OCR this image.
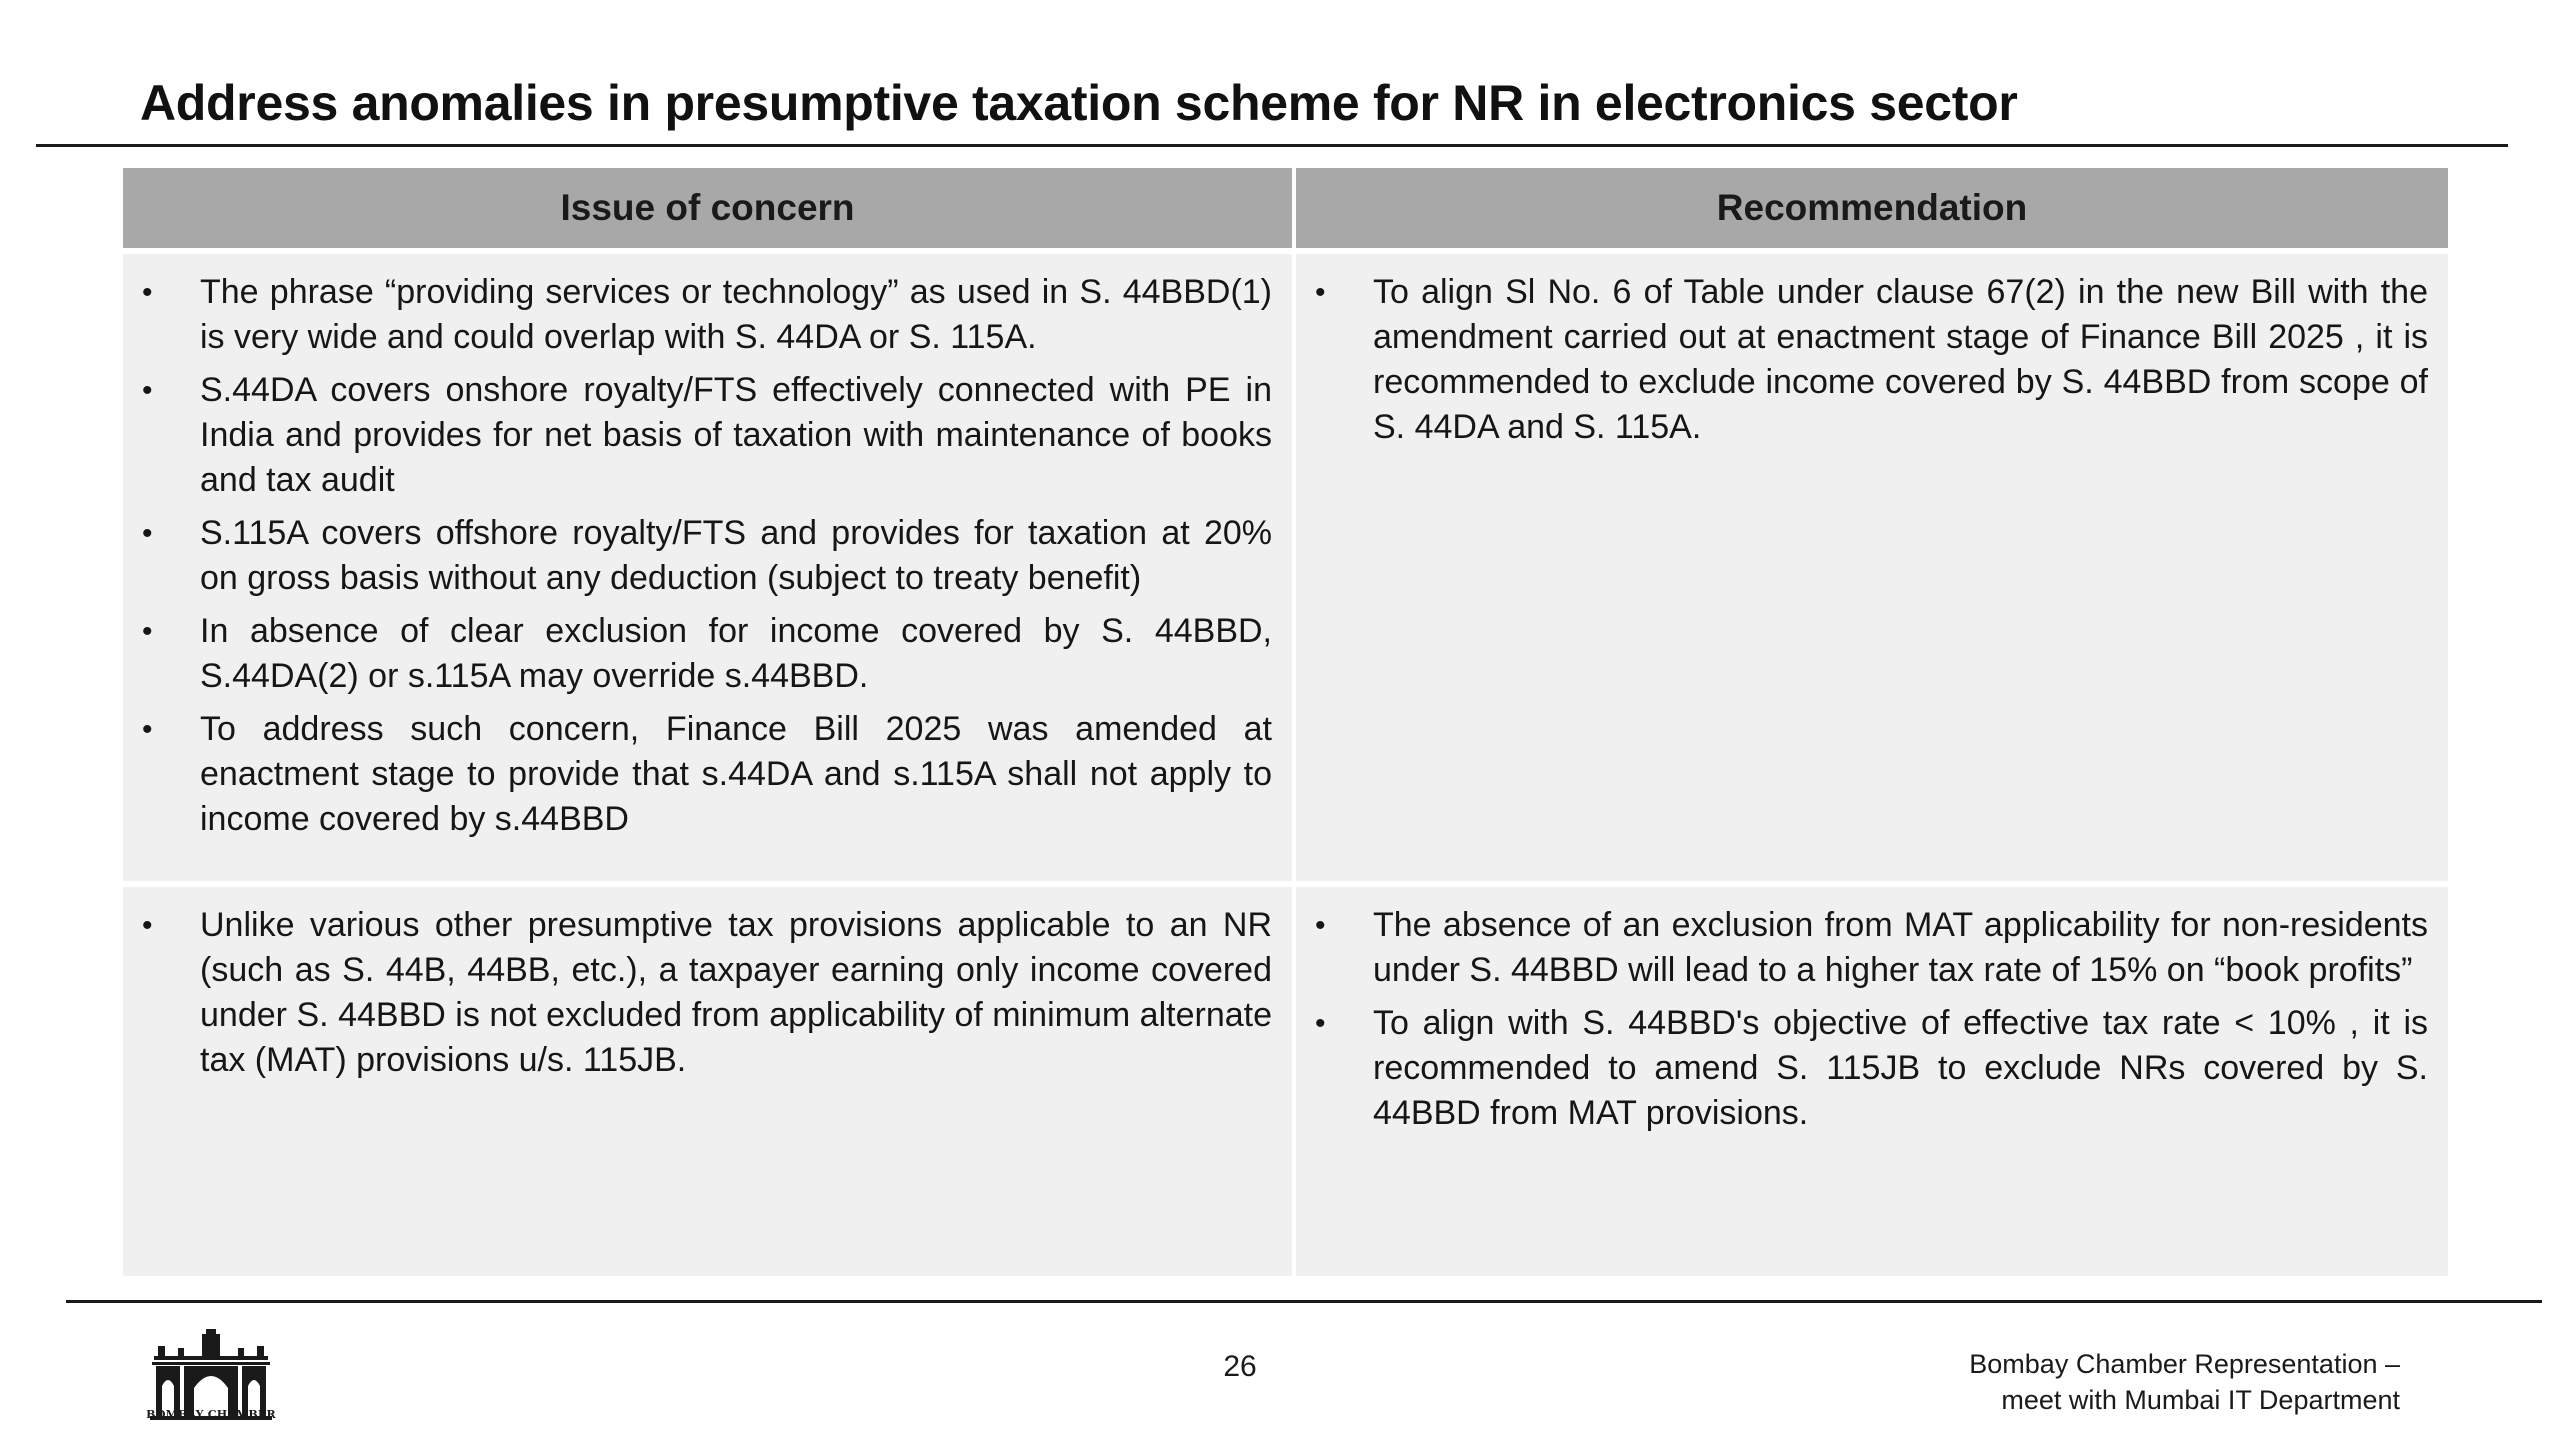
Address anomalies in presumptive taxation scheme for NR in electronics sector
Issue of concern	Recommendation
• The phrase “providing services or technology” as used in S. 44BBD(1) is very wide and could overlap with S. 44DA or S. 115A.
• S.44DA covers onshore royalty/FTS effectively connected with PE in India and provides for net basis of taxation with maintenance of books and tax audit
• S.115A covers offshore royalty/FTS and provides for taxation at 20% on gross basis without any deduction (subject to treaty benefit)
• In absence of clear exclusion for income covered by S. 44BBD, S.44DA(2) or s.115A may override s.44BBD.
• To address such concern, Finance Bill 2025 was amended at enactment stage to provide that s.44DA and s.115A shall not apply to income covered by s.44BBD
• To align Sl No. 6 of Table under clause 67(2) in the new Bill with the amendment carried out at enactment stage of Finance Bill 2025 , it is recommended to exclude income covered by S. 44BBD from scope of S. 44DA and S. 115A.
• Unlike various other presumptive tax provisions applicable to an NR (such as S. 44B, 44BB, etc.), a taxpayer earning only income covered under S. 44BBD is not excluded from applicability of minimum alternate tax (MAT) provisions u/s. 115JB.
• The absence of an exclusion from MAT applicability for non-residents under S. 44BBD will lead to a higher tax rate of 15% on “book profits”
• To align with S. 44BBD's objective of effective tax rate < 10% , it is recommended to amend S. 115JB to exclude NRs covered by S. 44BBD from MAT provisions.
BOMBAY CHAMBER
26	Bombay Chamber Representation –
meet with Mumbai IT Department
